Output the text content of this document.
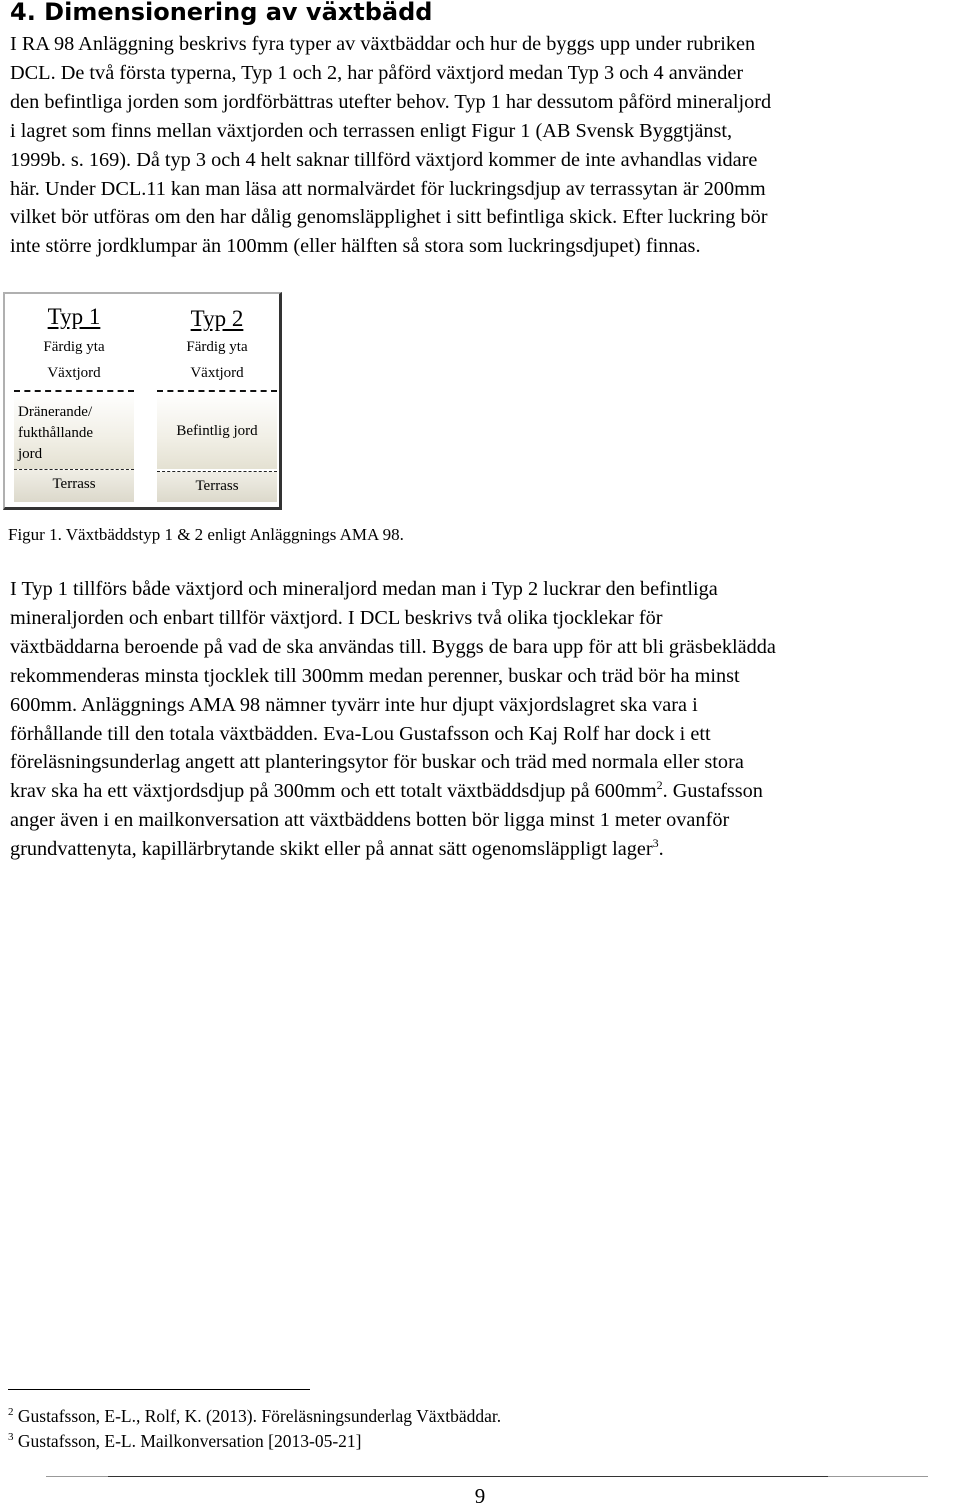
4. Dimensionering av växtbädd
I RA 98 Anläggning beskrivs fyra typer av växtbäddar och hur de byggs upp under rubriken
DCL. De två första typerna, Typ 1 och 2, har påförd växtjord medan Typ 3 och 4 använder
den befintliga jorden som jordförbättras utefter behov. Typ 1 har dessutom påförd mineraljord
i lagret som finns mellan växtjorden och terrassen enligt Figur 1 (AB Svensk Byggtjänst,
1999b. s. 169). Då typ 3 och 4 helt saknar tillförd växtjord kommer de inte avhandlas vidare
här. Under DCL.11 kan man läsa att normalvärdet för luckringsdjup av terrassytan är 200mm
vilket bör utföras om den har dålig genomsläpplighet i sitt befintliga skick. Efter luckring bör
inte större jordklumpar än 100mm (eller hälften så stora som luckringsdjupet) finnas.
Typ 1
Färdig yta
Växtjord
Terrass
Typ 2
Färdig yta
Växtjord
Befintlig jord
Terrass
Dränerande/
fukthållande
jord
Figur 1. Växtbäddstyp 1 & 2 enligt Anläggnings AMA 98.
I Typ 1 tillförs både växtjord och mineraljord medan man i Typ 2 luckrar den befintliga
mineraljorden och enbart tillför växtjord. I DCL beskrivs två olika tjocklekar för
växtbäddarna beroende på vad de ska användas till. Byggs de bara upp för att bli gräsbeklädda
rekommenderas minsta tjocklek till 300mm medan perenner, buskar och träd bör ha minst
600mm. Anläggnings AMA 98 nämner tyvärr inte hur djupt växjordslagret ska vara i
förhållande till den totala växtbädden. Eva-Lou Gustafsson och Kaj Rolf har dock i ett
föreläsningsunderlag angett att planteringsytor för buskar och träd med normala eller stora
krav ska ha ett växtjordsdjup på 300mm och ett totalt växtbäddsdjup på $600mm^2$. Gustafsson
anger även i en mailkonversation att växtbäddens botten bör ligga minst 1 meter ovanför
grundvattenyta, kapillärbrytande skikt eller på annat sätt ogenomsläppligt lager$^3$.
$^2$ Gustafsson, E-L., Rolf, K. (2013). Föreläsningsunderlag Växtbäddar.
$^3$ Gustafsson, E-L. Mailkonversation [2013-05-21]
9
